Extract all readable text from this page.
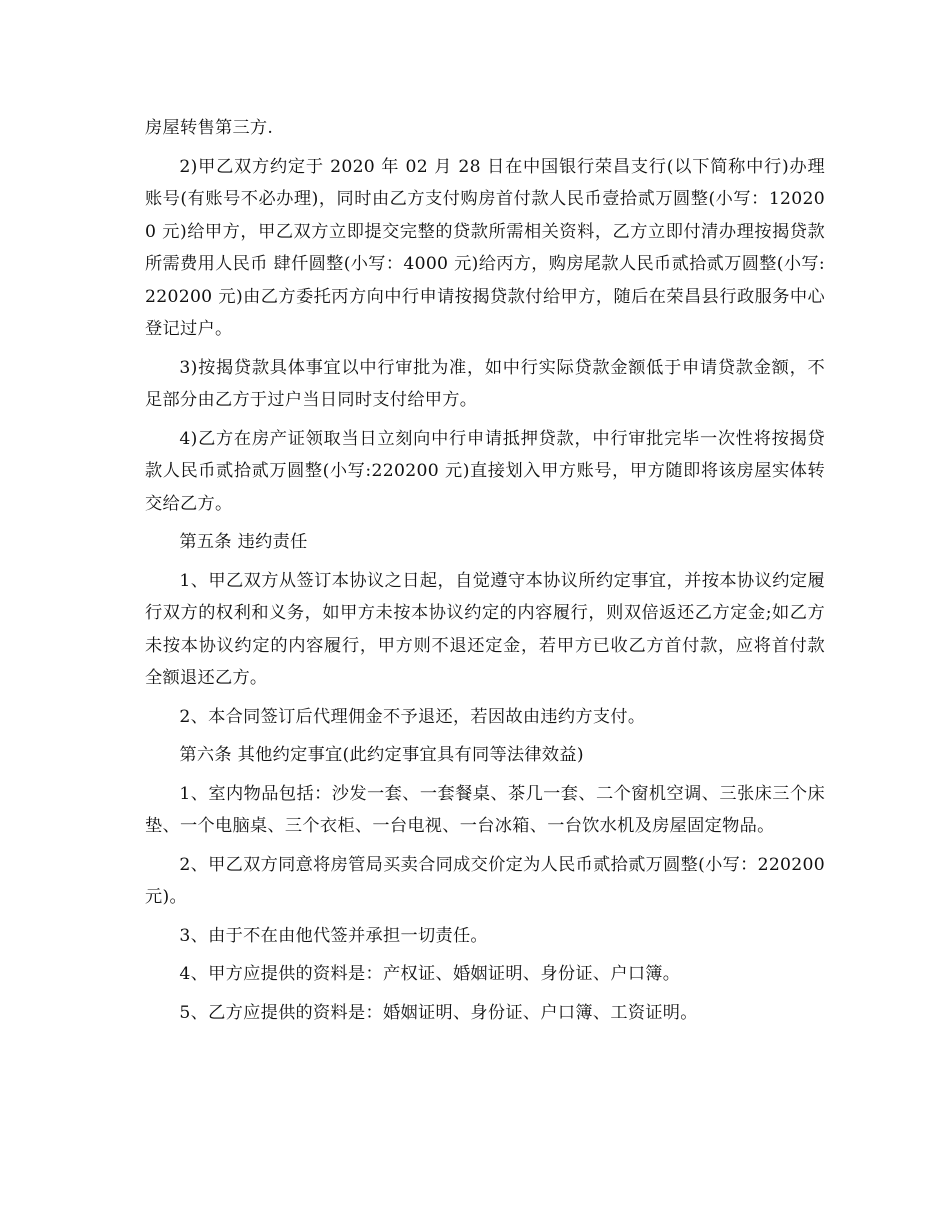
房屋转售第三方.

2)甲乙双方约定于 2020 年 02 月 28 日在中国银行荣昌支行(以下简称中行)办理账号(有账号不必办理)，同时由乙方支付购房首付款人民币壹拾贰万圆整(小写：120200 元)给甲方，甲乙双方立即提交完整的贷款所需相关资料，乙方立即付清办理按揭贷款所需费用人民币 肆仟圆整(小写：4000 元)给丙方，购房尾款人民币贰拾贰万圆整(小写:220200 元)由乙方委托丙方向中行申请按揭贷款付给甲方，随后在荣昌县行政服务中心登记过户。

3)按揭贷款具体事宜以中行审批为准，如中行实际贷款金额低于申请贷款金额，不足部分由乙方于过户当日同时支付给甲方。

4)乙方在房产证领取当日立刻向中行申请抵押贷款，中行审批完毕一次性将按揭贷款人民币贰拾贰万圆整(小写:220200 元)直接划入甲方账号，甲方随即将该房屋实体转交给乙方。

第五条 违约责任

1、甲乙双方从签订本协议之日起，自觉遵守本协议所约定事宜，并按本协议约定履行双方的权利和义务，如甲方未按本协议约定的内容履行，则双倍返还乙方定金;如乙方未按本协议约定的内容履行，甲方则不退还定金，若甲方已收乙方首付款，应将首付款全额退还乙方。

2、本合同签订后代理佣金不予退还，若因故由违约方支付。

第六条 其他约定事宜(此约定事宜具有同等法律效益)

1、室内物品包括：沙发一套、一套餐桌、茶几一套、二个窗机空调、三张床三个床垫、一个电脑桌、三个衣柜、一台电视、一台冰箱、一台饮水机及房屋固定物品。

2、甲乙双方同意将房管局买卖合同成交价定为人民币贰拾贰万圆整(小写：220200 元)。

3、由于不在由他代签并承担一切责任。

4、甲方应提供的资料是：产权证、婚姻证明、身份证、户口簿。

5、乙方应提供的资料是：婚姻证明、身份证、户口簿、工资证明。
